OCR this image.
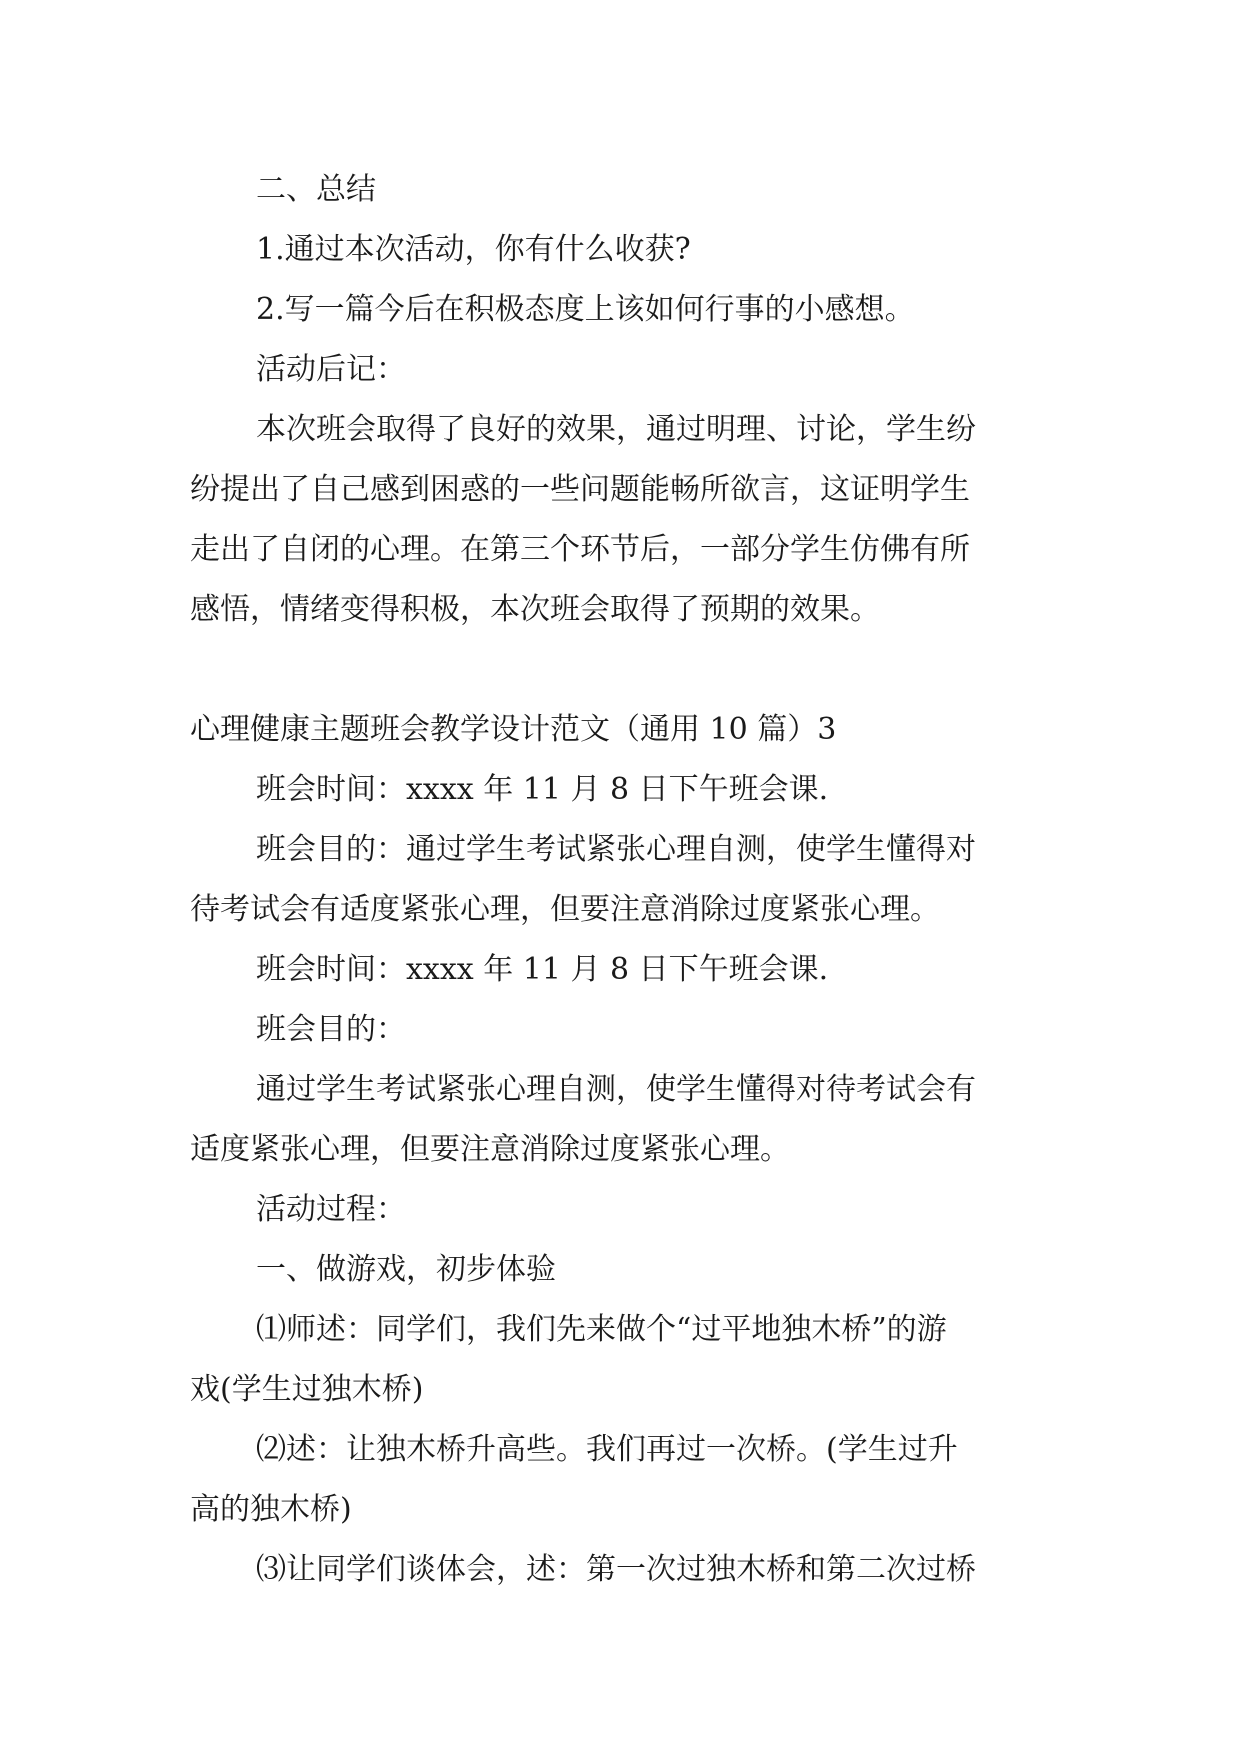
二、总结

1.通过本次活动，你有什么收获?

2.写一篇今后在积极态度上该如何行事的小感想。

活动后记：

本次班会取得了良好的效果，通过明理、讨论，学生纷

纷提出了自己感到困惑的一些问题能畅所欲言，这证明学生

走出了自闭的心理。在第三个环节后，一部分学生仿佛有所

感悟，情绪变得积极，本次班会取得了预期的效果。

心理健康主题班会教学设计范文（通用 10 篇）3

班会时间：xxxx 年 11 月 8 日下午班会课.

班会目的：通过学生考试紧张心理自测，使学生懂得对

待考试会有适度紧张心理，但要注意消除过度紧张心理。

班会时间：xxxx 年 11 月 8 日下午班会课.

班会目的：

通过学生考试紧张心理自测，使学生懂得对待考试会有

适度紧张心理，但要注意消除过度紧张心理。

活动过程：

一、做游戏，初步体验

⑴师述：同学们，我们先来做个“过平地独木桥”的游

戏(学生过独木桥)

⑵述：让独木桥升高些。我们再过一次桥。(学生过升

高的独木桥)

⑶让同学们谈体会，述：第一次过独木桥和第二次过桥
